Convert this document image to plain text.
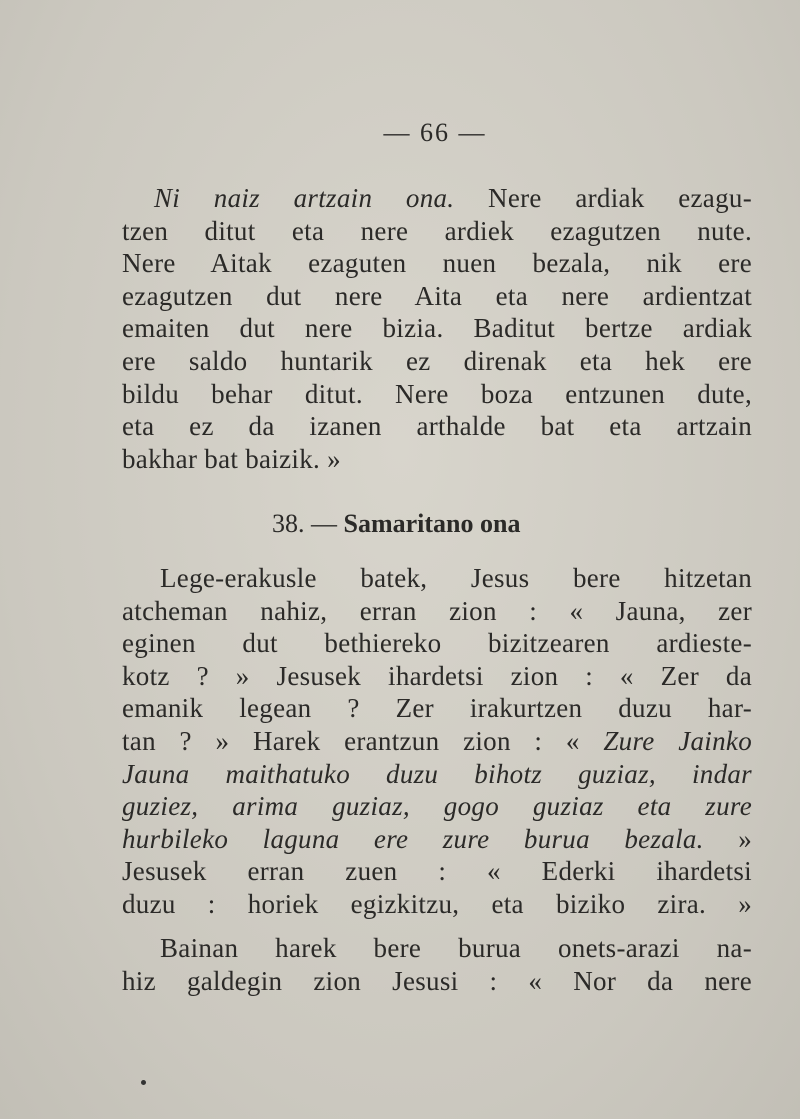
— 66 —
Ni naiz artzain ona. Nere ardiak ezagu-
tzen ditut eta nere ardiek ezagutzen nute.
Nere Aitak ezaguten nuen bezala, nik ere
ezagutzen dut nere Aita eta nere ardientzat
emaiten dut nere bizia. Baditut bertze ardiak
ere saldo huntarik ez direnak eta hek ere
bildu behar ditut. Nere boza entzunen dute,
eta ez da izanen arthalde bat eta artzain
bakhar bat baizik. »
38. — Samaritano ona
Lege-erakusle batek, Jesus bere hitzetan
atcheman nahiz, erran zion : « Jauna, zer
eginen dut bethiereko bizitzearen ardieste-
kotz ? » Jesusek ihardetsi zion : « Zer da
emanik legean ? Zer irakurtzen duzu har-
tan ? » Harek erantzun zion : « Zure Jainko
Jauna maithatuko duzu bihotz guziaz, indar
guziez, arima guziaz, gogo guziaz eta zure
hurbileko laguna ere zure burua bezala. »
Jesusek erran zuen : « Ederki ihardetsi
duzu : horiek egizkitzu, eta biziko zira. »
Bainan harek bere burua onets-arazi na-
hiz galdegin zion Jesusi : « Nor da nere
